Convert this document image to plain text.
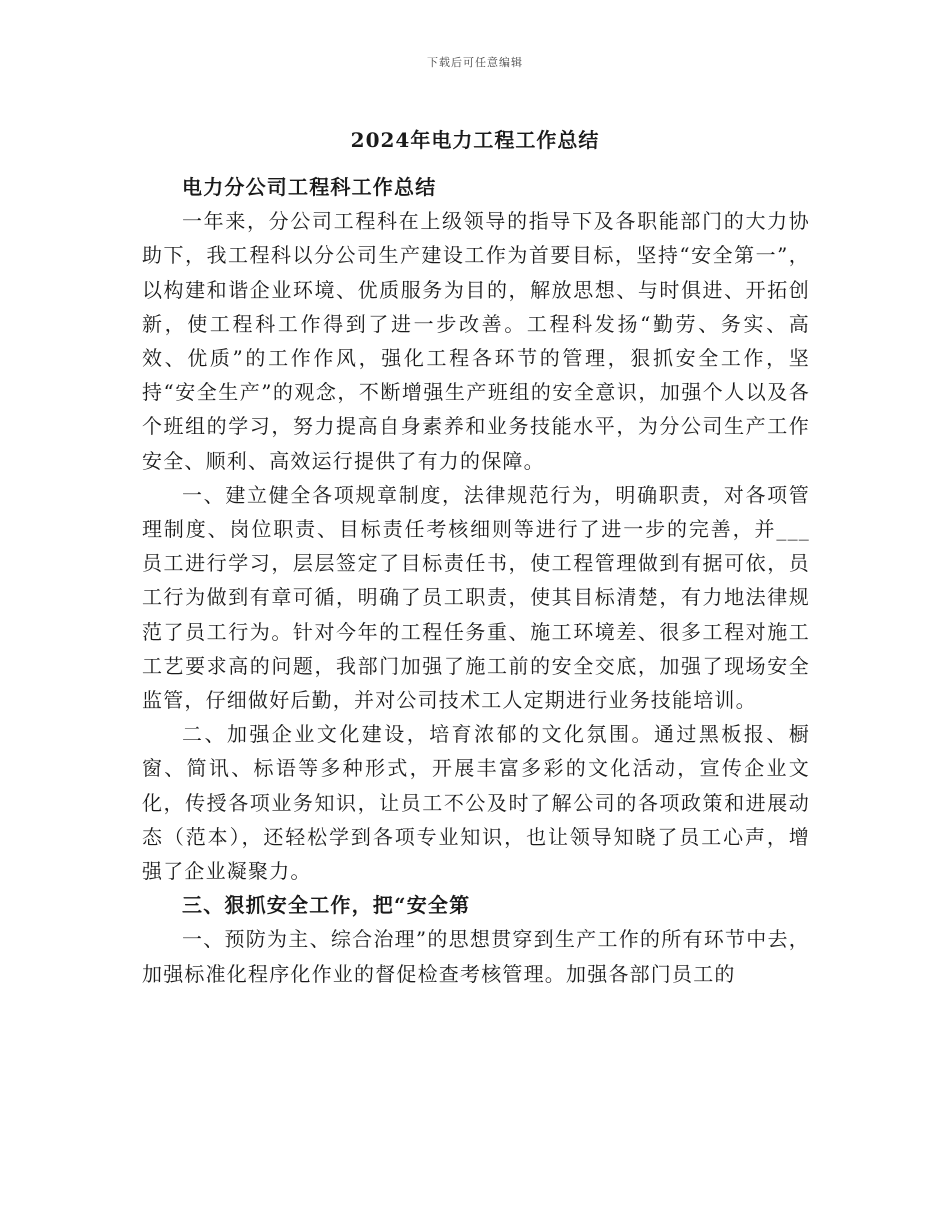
下载后可任意编辑
2024年电力工程工作总结

电力分公司工程科工作总结

一年来，分公司工程科在上级领导的指导下及各职能部门的大力协助下，我工程科以分公司生产建设工作为首要目标，坚持“安全第一”，以构建和谐企业环境、优质服务为目的，解放思想、与时俱进、开拓创新，使工程科工作得到了进一步改善。工程科发扬“勤劳、务实、高效、优质”的工作作风，强化工程各环节的管理，狠抓安全工作，坚持“安全生产”的观念，不断增强生产班组的安全意识，加强个人以及各个班组的学习，努力提高自身素养和业务技能水平，为分公司生产工作安全、顺利、高效运行提供了有力的保障。

一、建立健全各项规章制度，法律规范行为，明确职责，对各项管理制度、岗位职责、目标责任考核细则等进行了进一步的完善，并___员工进行学习，层层签定了目标责任书，使工程管理做到有据可依，员工行为做到有章可循，明确了员工职责，使其目标清楚，有力地法律规范了员工行为。针对今年的工程任务重、施工环境差、很多工程对施工工艺要求高的问题，我部门加强了施工前的安全交底，加强了现场安全监管，仔细做好后勤，并对公司技术工人定期进行业务技能培训。

二、加强企业文化建设，培育浓郁的文化氛围。通过黑板报、橱窗、简讯、标语等多种形式，开展丰富多彩的文化活动，宣传企业文化，传授各项业务知识，让员工不公及时了解公司的各项政策和进展动态（范本），还轻松学到各项专业知识，也让领导知晓了员工心声，增强了企业凝聚力。

三、狠抓安全工作，把“安全第

一、预防为主、综合治理”的思想贯穿到生产工作的所有环节中去，加强标准化程序化作业的督促检查考核管理。加强各部门员工的
